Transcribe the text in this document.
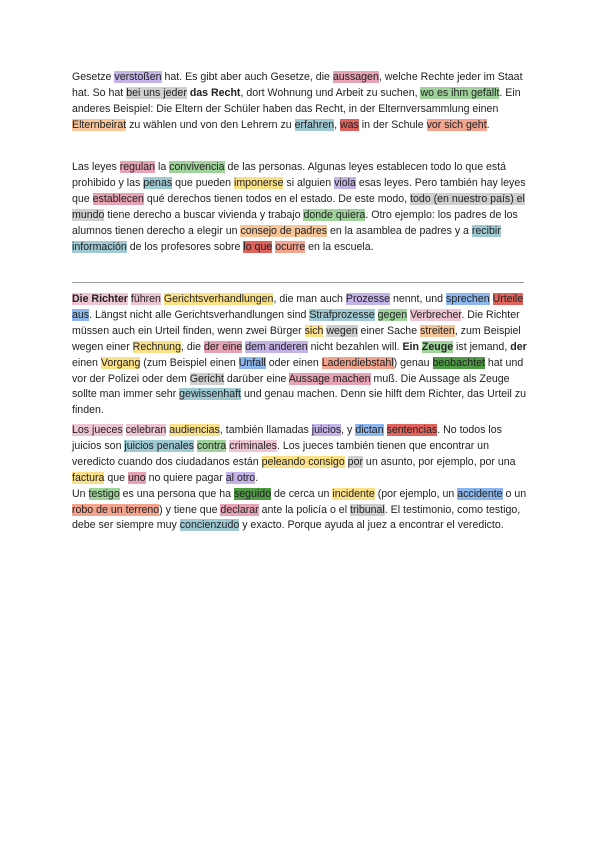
Gesetze verstoßen hat. Es gibt aber auch Gesetze, die aussagen, welche Rechte jeder im Staat hat. So hat bei uns jeder das Recht, dort Wohnung und Arbeit zu suchen, wo es ihm gefällt. Ein anderes Beispiel: Die Eltern der Schüler haben das Recht, in der Elternversammlung einen Elternbeirat zu wählen und von den Lehrern zu erfahren, was in der Schule vor sich geht.

Las leyes regulan la convivencia de las personas. Algunas leyes establecen todo lo que está prohibido y las penas que pueden imponerse si alguien viola esas leyes. Pero también hay leyes que establecen qué derechos tienen todos en el estado. De este modo, todo (en nuestro país) el mundo tiene derecho a buscar vivienda y trabajo donde quiera. Otro ejemplo: los padres de los alumnos tienen derecho a elegir un consejo de padres en la asamblea de padres y a recibir información de los profesores sobre lo que ocurre en la escuela.

Die Richter führen Gerichtsverhandlungen, die man auch Prozesse nennt, und sprechen Urteile aus. Längst nicht alle Gerichtsverhandlungen sind Strafprozesse gegen Verbrecher. Die Richter müssen auch ein Urteil finden, wenn zwei Bürger sich wegen einer Sache streiten, zum Beispiel wegen einer Rechnung, die der eine dem anderen nicht bezahlen will. Ein Zeuge ist jemand, der einen Vorgang (zum Beispiel einen Unfall oder einen Ladendiebstahl) genau beobachtet hat und vor der Polizei oder dem Gericht darüber eine Aussage machen muß. Die Aussage als Zeuge sollte man immer sehr gewissenhaft und genau machen. Denn sie hilft dem Richter, das Urteil zu finden.

Los jueces celebran audiencias, también llamadas juicios, y dictan sentencias. No todos los juicios son juicios penales contra criminales. Los jueces también tienen que encontrar un veredicto cuando dos ciudadanos están peleando consigo por un asunto, por ejemplo, por una factura que uno no quiere pagar al otro.
Un testigo es una persona que ha seguido de cerca un incidente (por ejemplo, un accidente o un robo de un terreno) y tiene que declarar ante la policía o el tribunal. El testimonio, como testigo, debe ser siempre muy concienzudo y exacto. Porque ayuda al juez a encontrar el veredicto.
